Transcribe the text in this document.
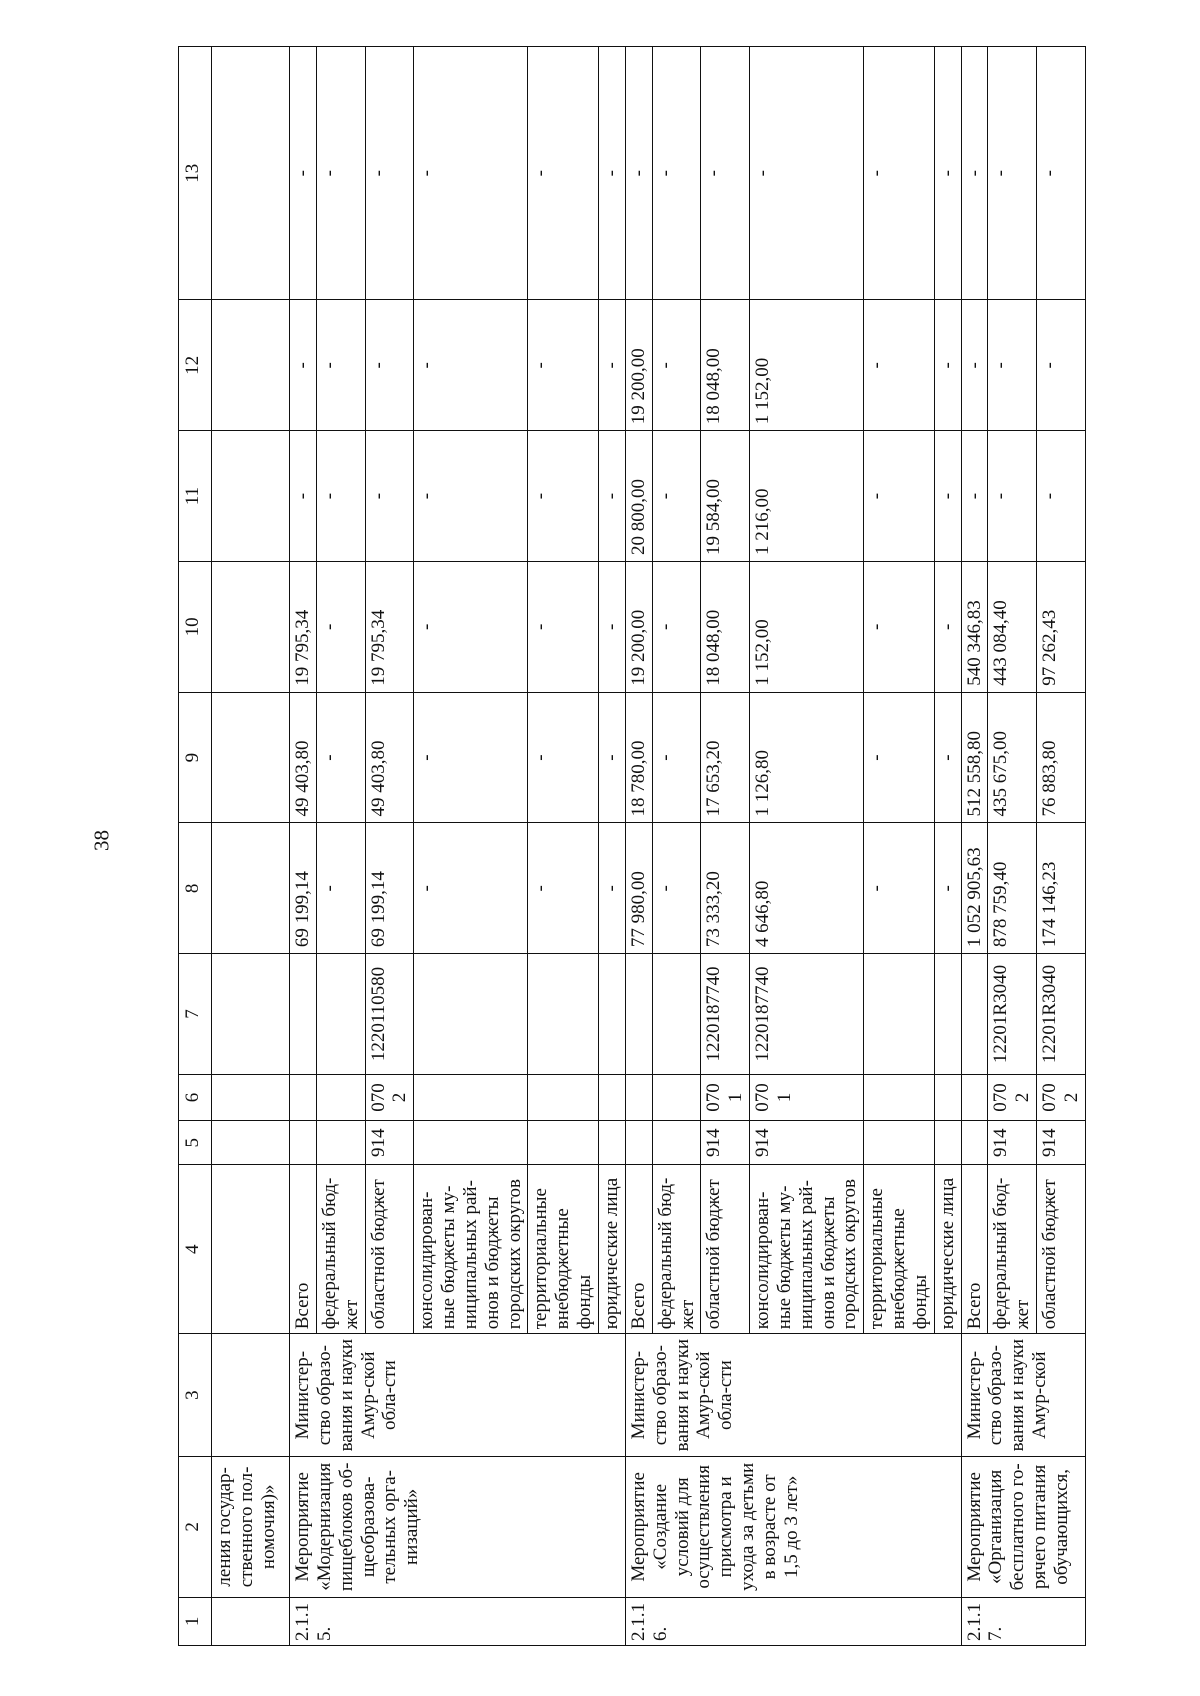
38
1	2	3	4	5	6	7	8	9	10	11	12	13
	ления государ-ственного пол-номочия)»											
2.1.15.	Мероприятие «Модернизация пищеблоков об-щеобразова-тельных орга-низаций»	Министер-ство образо-вания и науки Амур-ской обла-сти	Всего				69 199,14	49 403,80	19 795,34	-	-	-
			федеральный бюд-жет				-	-	-	-	-	-
			областной бюджет	914	0702	1220110580	69 199,14	49 403,80	19 795,34	-	-	-
			консолидирован-ные бюджеты му-ниципальных рай-онов и бюджеты городских округов				-	-	-	-	-	-
			территориальные внебюджетные фонды				-	-	-	-	-	-
			юридические лица				-	-	-	-	-	-
2.1.16.	Мероприятие «Создание условий для осуществления присмотра и ухода за детьми в возрасте от 1,5 до 3 лет»	Министер-ство образо-вания и науки Амур-ской обла-сти	Всего				77 980,00	18 780,00	19 200,00	20 800,00	19 200,00	-
			федеральный бюд-жет				-	-	-	-	-	-
			областной бюджет	914	0701	1220187740	73 333,20	17 653,20	18 048,00	19 584,00	18 048,00	-
			консолидирован-ные бюджеты му-ниципальных рай-онов и бюджеты городских округов	914	0701	1220187740	4 646,80	1 126,80	1 152,00	1 216,00	1 152,00	-
			территориальные внебюджетные фонды				-	-	-	-	-	-
			юридические лица				-	-	-	-	-	-
2.1.17.	Мероприятие «Организация бесплатного го-рячего питания обучающихся,	Министер-ство образо-вания и науки Амур-ской	Всего				1 052 905,63	512 558,80	540 346,83	-	-	-
			федеральный бюд-жет	914	0702	12201R3040	878 759,40	435 675,00	443 084,40	-	-	-
			областной бюджет	914	0702	12201R3040	174 146,23	76 883,80	97 262,43	-	-	-
